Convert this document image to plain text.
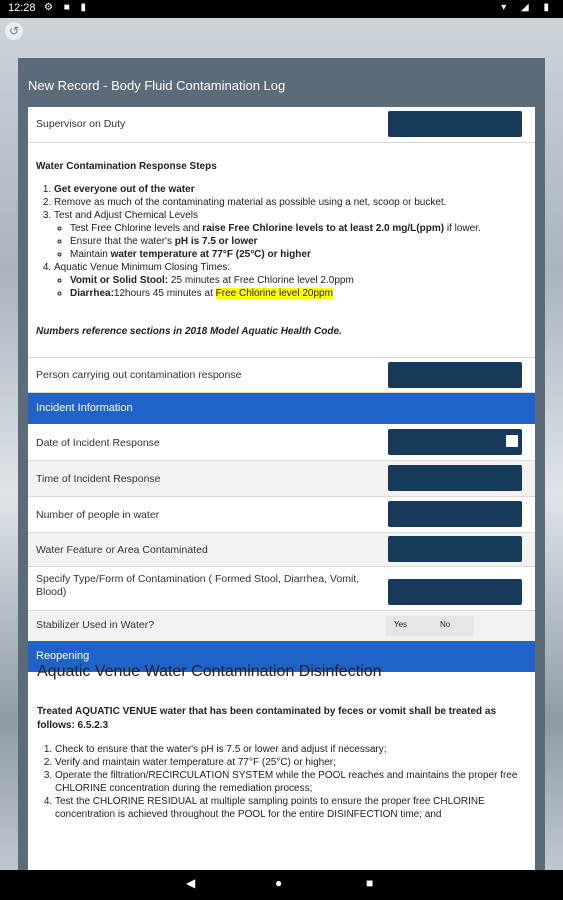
12:28 ⚙ ■ ▮	▾ ◢ ▮
↺
New Record - Body Fluid Contamination Log
Supervisor on Duty
Water Contamination Response Steps
1. Get everyone out of the water
2. Remove as much of the contaminating material as possible using a net, scoop or bucket.
3. Test and Adjust Chemical Levels
◦ Test Free Chlorine levels and raise Free Chlorine levels to at least 2.0 mg/L(ppm) if lower.
◦ Ensure that the water's pH is 7.5 or lower
◦ Maintain water temperature at 77°F (25°C) or higher
4. Aquatic Venue Minimum Closing Times:
◦ Vomit or Solid Stool: 25 minutes at Free Chlorine level 2.0ppm
◦ Diarrhea:12hours 45 minutes at Free Chlorine level 20ppm
Numbers reference sections in 2018 Model Aquatic Health Code.
Person carrying out contamination response
Incident Information
Date of Incident Response
Time of Incident Response
Number of people in water
Water Feature or Area Contaminated
Specify Type/Form of Contamination ( Formed Stool, Diarrhea, Vomit, Blood)
Stabilizer Used in Water?	Yes	No
Reopening
Aquatic Venue Water Contamination Disinfection
Treated AQUATIC VENUE water that has been contaminated by feces or vomit shall be treated as follows: 6.5.2.3
1. Check to ensure that the water's pH is 7.5 or lower and adjust if necessary;
2. Verify and maintain water temperature at 77°F (25°C) or higher;
3. Operate the filtration/RECIRCULATION SYSTEM while the POOL reaches and maintains the proper free CHLORINE concentration during the remediation process;
4. Test the CHLORINE RESIDUAL at multiple sampling points to ensure the proper free CHLORINE concentration is achieved throughout the POOL for the entire DISINFECTION time; and
◀	●	■
